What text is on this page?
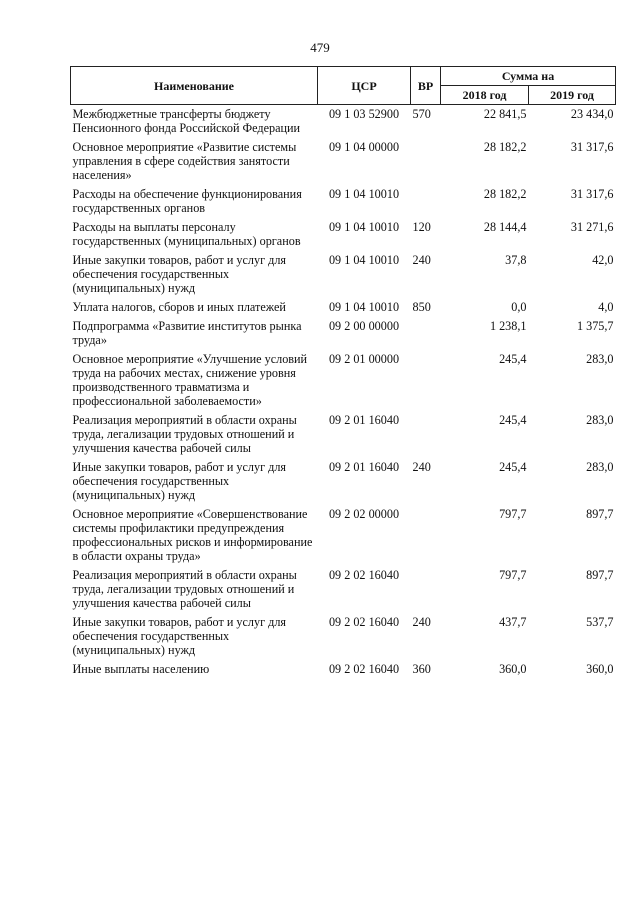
479
Наименование	ЦСР	ВР	Сумма на	
			2018 год	2019 год
Межбюджетные трансферты бюджету Пенсионного фонда Российской Федерации	09 1 03 52900	570	22 841,5	23 434,0
Основное мероприятие «Развитие системы управления в сфере содействия занятости населения»	09 1 04 00000		28 182,2	31 317,6
Расходы на обеспечение функционирования государственных органов	09 1 04 10010		28 182,2	31 317,6
Расходы на выплаты персоналу государственных (муниципальных) органов	09 1 04 10010	120	28 144,4	31 271,6
Иные закупки товаров, работ и услуг для обеспечения государственных (муниципальных) нужд	09 1 04 10010	240	37,8	42,0
Уплата налогов, сборов и иных платежей	09 1 04 10010	850	0,0	4,0
Подпрограмма «Развитие институтов рынка труда»	09 2 00 00000		1 238,1	1 375,7
Основное мероприятие «Улучшение условий труда на рабочих местах, снижение уровня производственного травматизма и профессиональной заболеваемости»	09 2 01 00000		245,4	283,0
Реализация мероприятий в области охраны труда, легализации трудовых отношений и улучшения качества рабочей силы	09 2 01 16040		245,4	283,0
Иные закупки товаров, работ и услуг для обеспечения государственных (муниципальных) нужд	09 2 01 16040	240	245,4	283,0
Основное мероприятие «Совершенствование системы профилактики предупреждения профессиональных рисков и информирование в области охраны труда»	09 2 02 00000		797,7	897,7
Реализация мероприятий в области охраны труда, легализации трудовых отношений и улучшения качества рабочей силы	09 2 02 16040		797,7	897,7
Иные закупки товаров, работ и услуг для обеспечения государственных (муниципальных) нужд	09 2 02 16040	240	437,7	537,7
Иные выплаты населению	09 2 02 16040	360	360,0	360,0
